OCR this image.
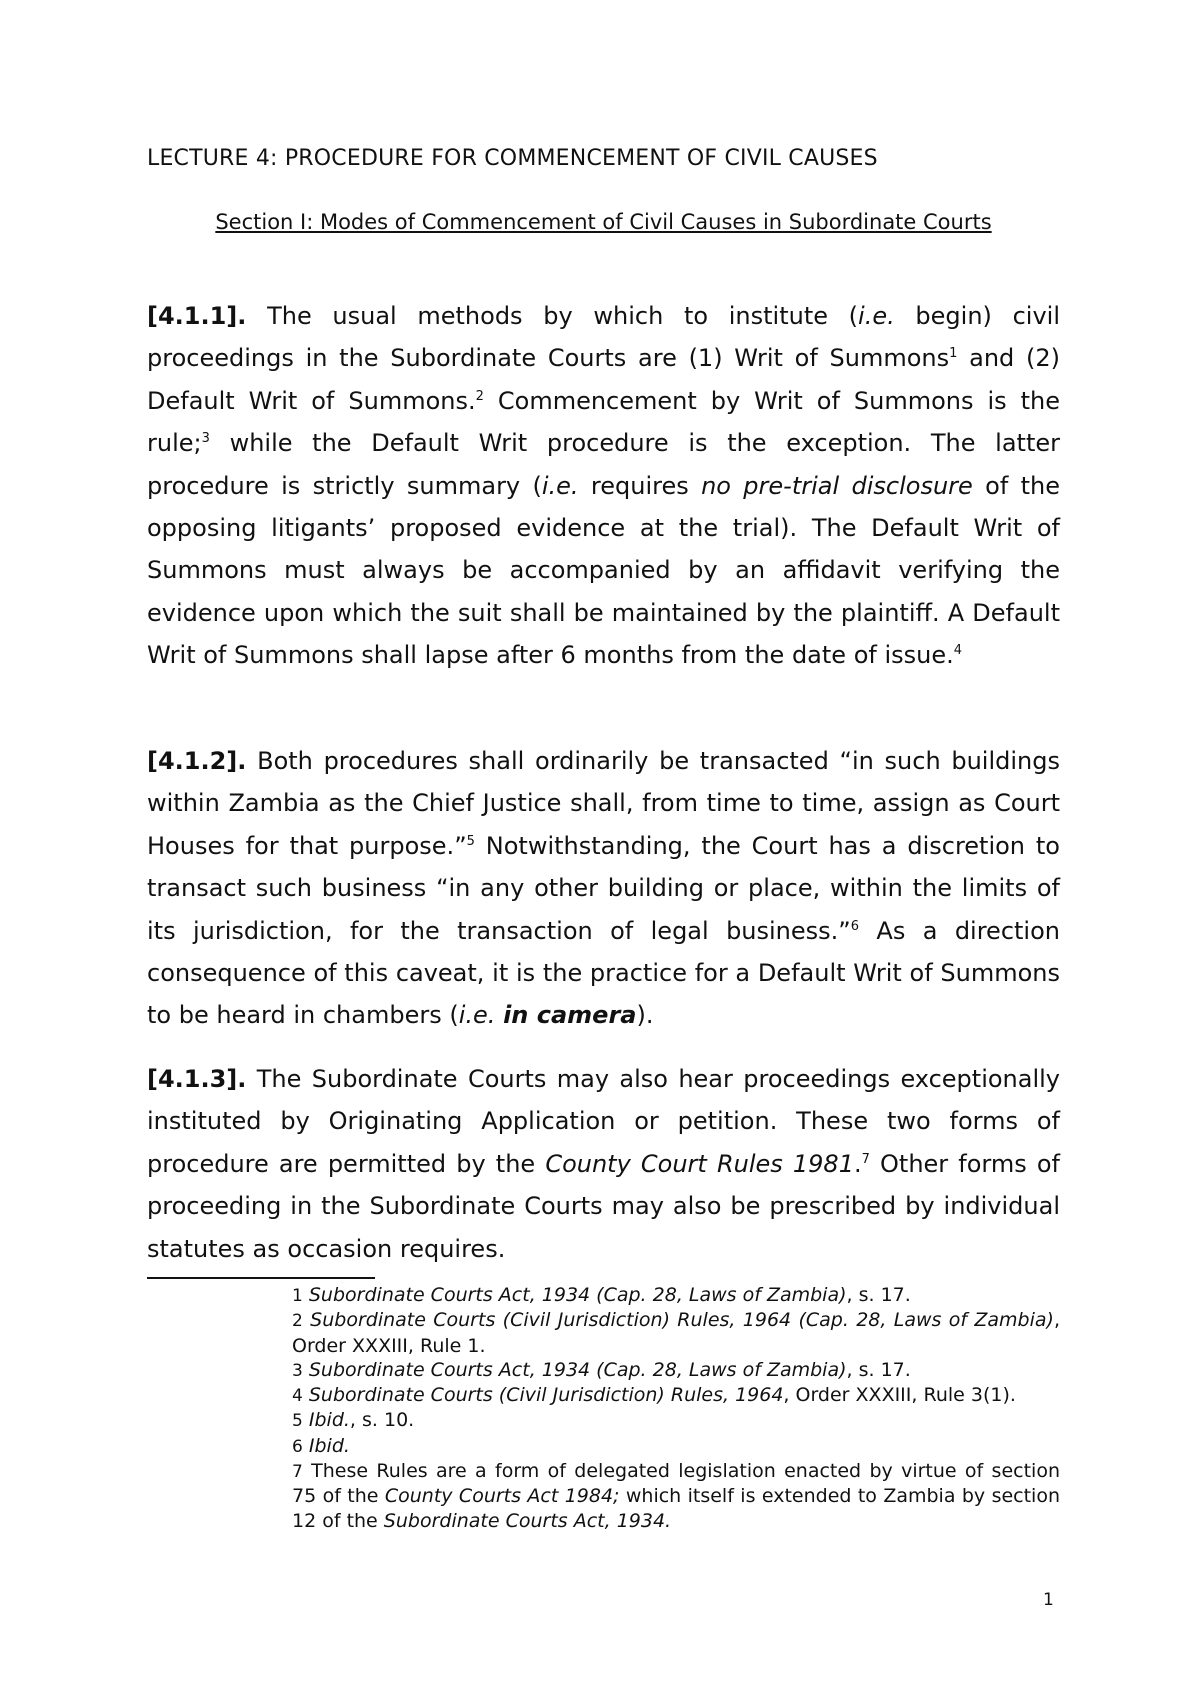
LECTURE 4: PROCEDURE FOR COMMENCEMENT OF CIVIL CAUSES
Section I: Modes of Commencement of Civil Causes in Subordinate Courts

[4.1.1]. The usual methods by which to institute (i.e. begin) civil proceedings in the Subordinate Courts are (1) Writ of Summons$^1$ and (2) Default Writ of Summons.$^2$ Commencement by Writ of Summons is the rule;$^3$ while the Default Writ procedure is the exception. The latter procedure is strictly summary (i.e. requires no pre-trial disclosure of the opposing litigants’ proposed evidence at the trial). The Default Writ of Summons must always be accompanied by an affidavit verifying the evidence upon which the suit shall be maintained by the plaintiff. A Default Writ of Summons shall lapse after 6 months from the date of issue.$^4$

[4.1.2]. Both procedures shall ordinarily be transacted “in such buildings within Zambia as the Chief Justice shall, from time to time, assign as Court Houses for that purpose.”$^5$ Notwithstanding, the Court has a discretion to transact such business “in any other building or place, within the limits of its jurisdiction, for the transaction of legal business.”$^6$ As a direction consequence of this caveat, it is the practice for a Default Writ of Summons to be heard in chambers (i.e. in camera).

[4.1.3]. The Subordinate Courts may also hear proceedings exceptionally instituted by Originating Application or petition. These two forms of procedure are permitted by the County Court Rules 1981.$^7$ Other forms of proceeding in the Subordinate Courts may also be prescribed by individual statutes as occasion requires.

1 Subordinate Courts Act, 1934 (Cap. 28, Laws of Zambia), s. 17.

2 Subordinate Courts (Civil Jurisdiction) Rules, 1964 (Cap. 28, Laws of Zambia), Order XXXIII, Rule 1.

3 Subordinate Courts Act, 1934 (Cap. 28, Laws of Zambia), s. 17.

4 Subordinate Courts (Civil Jurisdiction) Rules, 1964, Order XXXIII, Rule 3(1).

5 Ibid., s. 10.

6 Ibid.

7 These Rules are a form of delegated legislation enacted by virtue of section 75 of the County Courts Act 1984; which itself is extended to Zambia by section 12 of the Subordinate Courts Act, 1934.

1
